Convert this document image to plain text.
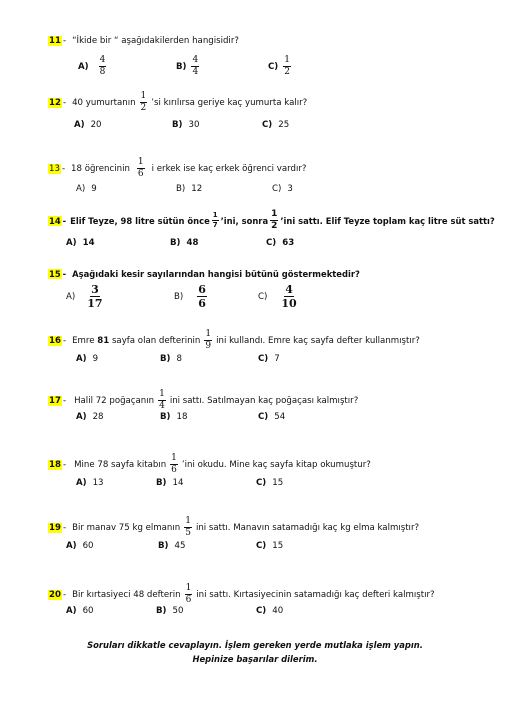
11 - “İkide bir “ aşağıdakilerden hangisidir?
$A) \frac{4}{8}$	$B) \frac{4}{4}$	$C) \frac{1}{2}$
12 - 40 yumurtanın $\frac{1}{2}$ ’si kırılırsa geriye kaç yumurta kalır?
A) 20	B) 30	C) 25
13 - 18 öğrencinin $\frac{1}{6}$ i erkek ise kaç erkek öğrenci vardır?
A) 9	B) 12	C) 3
14 - Elif Teyze, 98 litre sütün önce $\frac{1}{7}$ ’ini, sonra $\frac{1}{2}$ ’ini sattı. Elif Teyze toplam kaç litre süt sattı?
A) 14	B) 48	C) 63
15 - Aşağıdaki kesir sayılarından hangisi bütünü göstermektedir?
$A) \frac{3}{17}$	$B) \frac{6}{6}$	$C) \frac{4}{10}$
16 - Emre
81
sayfa olan defterinin $\frac{1}{9}$ ini kullandı. Emre kaç sayfa defter kullanmıştır?
A) 9	B) 8	C) 7
17 - Halil 72 poğaçanın $\frac{1}{4}$ ini sattı. Satılmayan kaç poğaçası kalmıştır?
A) 28	B) 18	C) 54
18 - Mine 78 sayfa kitabın $\frac{1}{6}$ ’ini okudu. Mine kaç sayfa kitap okumuştur?
A) 13	B) 14	C) 15
19 - Bir manav 75 kg elmanın $\frac{1}{5}$ ini sattı. Manavın satamadığı kaç kg elma kalmıştır?
A) 60	B) 45	C) 15
20 - Bir kırtasiyeci 48 defterin $\frac{1}{6}$ ini sattı. Kırtasiyecinin satamadığı kaç defteri kalmıştır?
A) 60	B) 50	C) 40
Soruları dikkatle cevaplayın. İşlem gereken yerde mutlaka işlem yapın.
Hepinize başarılar dilerim.
